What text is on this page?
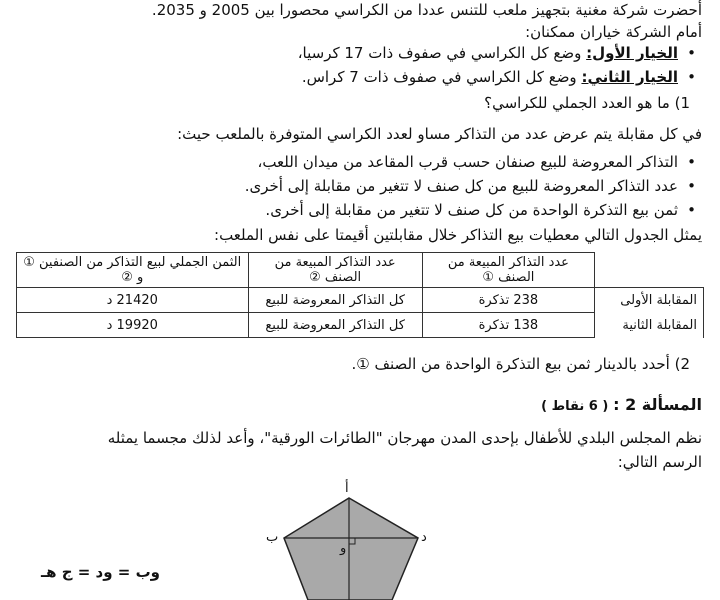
أحضرت شركة مغنية بتجهيز ملعب للتنس عددا من الكراسي محصورا بين 2005 و 2035.
أمام الشركة خياران ممكنان:
• الخيار الأول: وضع كل الكراسي في صفوف ذات 17 كرسيا،
• الخيار الثاني: وضع كل الكراسي في صفوف ذات 7 كراس.
1) ما هو العدد الجملي للكراسي؟
في كل مقابلة يتم عرض عدد من التذاكر مساو لعدد الكراسي المتوفرة بالملعب حيث:
• التذاكر المعروضة للبيع صنفان حسب قرب المقاعد من ميدان اللعب،
• عدد التذاكر المعروضة للبيع من كل صنف لا تتغير من مقابلة إلى أخرى.
• ثمن بيع التذكرة الواحدة من كل صنف لا تتغير من مقابلة إلى أخرى.
يمثل الجدول التالي معطيات بيع التذاكر خلال مقابلتين أقيمتا على نفس الملعب:
	عدد التذاكر المبيعة من الصنف ①	عدد التذاكر المبيعة من الصنف ②	الثمن الجملي لبيع التذاكر من الصنفين ① و ②
المقابلة الأولى	238 تذكرة	كل التذاكر المعروضة للبيع	21420 د
المقابلة الثانية	138 تذكرة	كل التذاكر المعروضة للبيع	19920 د
2) أحدد بالدينار ثمن بيع التذكرة الواحدة من الصنف ①.
المسألة 2 : ( 6 نقاط )
نظم المجلس البلدي للأطفال بإحدى المدن مهرجان "الطائرات الورقية"، وأعد لذلك مجسما يمثله
الرسم التالي:
أ
ب	د
و
وب = ود = ج هـ
